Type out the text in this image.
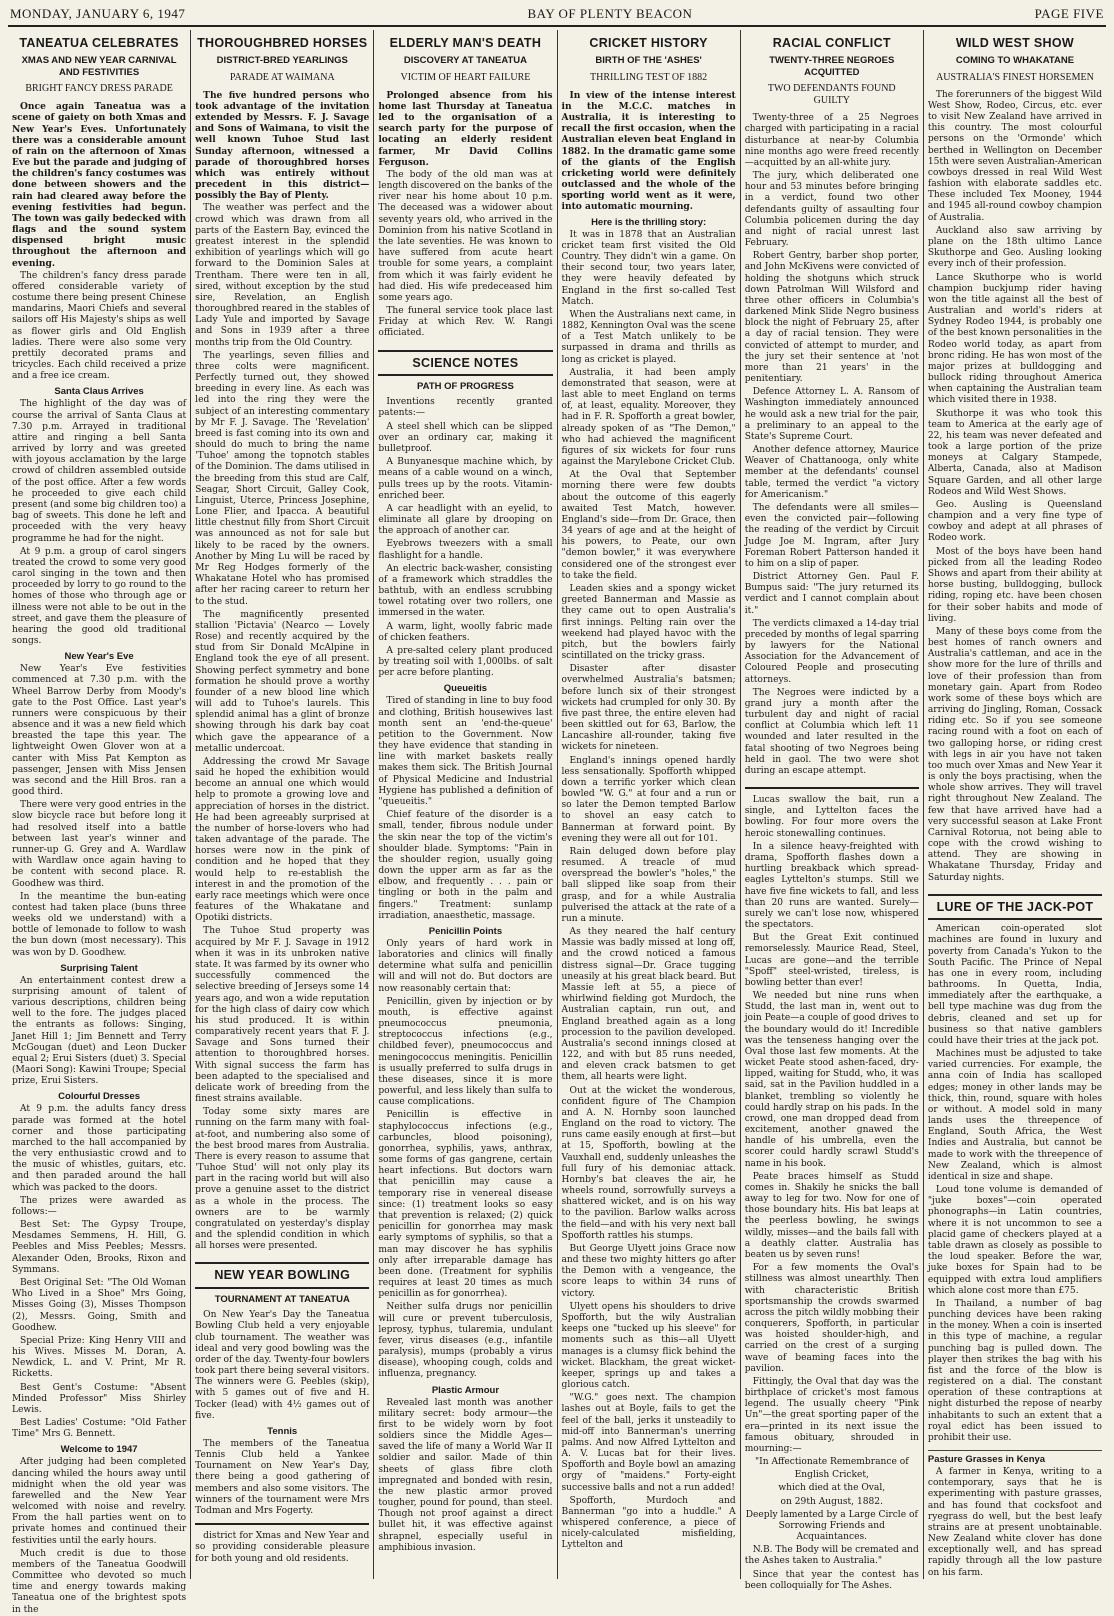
MONDAY, JANUARY 6, 1947	BAY OF PLENTY BEACON	PAGE FIVE
TANEATUA CELEBRATES
XMAS AND NEW YEAR CARNIVAL AND FESTIVITIES
BRIGHT FANCY DRESS PARADE

Once again Taneatua was a scene of gaiety on both Xmas and New Year's Eves. Unfortunately there was a considerable amount of rain on the afternoon of Xmas Eve but the parade and judging of the children's fancy costumes was done between showers and the rain had cleared away before the evening festivities had begun. The town was gaily bedecked with flags and the sound system dispensed bright music throughout the afternoon and evening.

The children's fancy dress parade offered considerable variety of costume there being present Chinese mandarins, Maori Chiefs and several sailors off His Majesty's ships as well as flower girls and Old English ladies. There were also some very prettily decorated prams and tricycles. Each child received a prize and a free ice cream.

Santa Claus Arrives

The highlight of the day was of course the arrival of Santa Claus at 7.30 p.m. Arrayed in traditional attire and ringing a bell Santa arrived by lorry and was greeted with joyous acclamation by the large crowd of children assembled outside of the post office. After a few words he proceeded to give each child present (and some big children too) a bag of sweets. This done he left and proceeded with the very heavy programme he had for the night.

At 9 p.m. a group of carol singers treated the crowd to some very good carol singing in the town and then proceeded by lorry to go round to the homes of those who through age or illness were not able to be out in the street, and gave them the pleasure of hearing the good old traditional songs.

New Year's Eve

New Year's Eve festivities commenced at 7.30 p.m. with the Wheel Barrow Derby from Moody's gate to the Post Office. Last year's runners were conspicuous by their absence and it was a new field which breasted the tape this year. The lightweight Owen Glover won at a canter with Miss Pat Kempton as passenger, Jensen with Miss Jensen was second and the Hill Bros. ran a good third.

There were very good entries in the slow bicycle race but before long it had resolved itself into a battle between last year's winner and runner-up G. Grey and A. Wardlaw with Wardlaw once again having to be content with second place. R. Goodhew was third.

In the meantime the bun-eating contest had taken place (buns three weeks old we understand) with a bottle of lemonade to follow to wash the bun down (most necessary). This was won by D. Goodhew.

Surprising Talent

An entertainment contest drew a surprising amount of talent of various descriptions, children being well to the fore. The judges placed the entrants as follows: Singing, Janet Hill 1; Jim Bennett and Terry McGougan (duet) and Leon Ducker equal 2; Erui Sisters (duet) 3. Special (Maori Song): Kawini Troupe; Special prize, Erui Sisters.

Colourful Dresses

At 9 p.m. the adults fancy dress parade was formed at the hotel corner and those participating marched to the hall accompanied by the very enthusiastic crowd and to the music of whistles, guitars, etc. and then paraded around the hall which was packed to the doors.

The prizes were awarded as follows:—

Best Set: The Gypsy Troupe, Mesdames Semmens, H. Hill, G. Peebles and Miss Peebles; Messrs. Alexander Oden, Brooks, Rixon and Symmans.

Best Original Set: "The Old Woman Who Lived in a Shoe" Mrs Going, Misses Going (3), Misses Thompson (2), Messrs. Going, Smith and Goodhew.

Special Prize: King Henry VIII and his Wives. Misses M. Doran, A. Newdick, L. and V. Print, Mr R. Ricketts.

Best Gent's Costume: "Absent Minded Professor" Miss Shirley Lewis.

Best Ladies' Costume: "Old Father Time" Mrs G. Bennett.

Welcome to 1947

After judging had been completed dancing whiled the hours away until midnight when the old year was farewelled and the New Year welcomed with noise and revelry. From the hall parties went on to private homes and continued their festivities until the early hours.

Much credit is due to those members of the Taneatua Goodwill Committee who devoted so much time and energy towards making Taneatua one of the brightest spots in the

THOROUGHBRED HORSES
DISTRICT-BRED YEARLINGS
PARADE AT WAIMANA

The five hundred persons who took advantage of the invitation extended by Messrs. F. J. Savage and Sons of Waimana, to visit the well known Tuhoe Stud last Sunday afternoon, witnessed a parade of thoroughbred horses which was entirely without precedent in this district—possibly the Bay of Plenty.

The weather was perfect and the crowd which was drawn from all parts of the Eastern Bay, evinced the greatest interest in the splendid exhibition of yearlings which will go forward to the Dominion Sales at Trentham. There were ten in all, sired, without exception by the stud sire, Revelation, an English thoroughbred reared in the stables of Lady Yule and imported by Savage and Sons in 1939 after a three months trip from the Old Country.

The yearlings, seven fillies and three colts were magnificent. Perfectly turned out, they showed breeding in every line. As each was led into the ring they were the subject of an interesting commentary by Mr F. J. Savage. The 'Revelation' breed is fast coming into its own and should do much to bring the name 'Tuhoe' among the topnotch stables of the Dominion. The dams utilised in the breeding from this stud are Calf, Seagar, Short Circuit, Galley Cook, Linguist, Uterce, Princess Josephine, Lone Flier, and Ipacca. A beautiful little chestnut filly from Short Circuit was announced as not for sale but likely to be raced by the owners. Another by Ming Lu will be raced by Mr Reg Hodges formerly of the Whakatane Hotel who has promised after her racing career to return her to the stud.

The magnificently presented stallion 'Pictavia' (Nearco — Lovely Rose) and recently acquired by the stud from Sir Donald McAlpine in England took the eye of all present. Showing perfect symmetry and bone formation he should prove a worthy founder of a new blood line which will add to Tuhoe's laurels. This splendid animal has a glint of bronze showing through his dark bay coat which gave the appearance of a metallic undercoat.

Addressing the crowd Mr Savage said he hoped the exhibition would become an annual one which would help to promote a growing love and appreciation of horses in the district. He had been agreeably surprised at the number of horse-lovers who had taken advantage of the parade. The horses were now in the pink of condition and he hoped that they would help to re-establish the interest in and the promotion of the early race meetings which were once features of the Whakatane and Opotiki districts.

The Tuhoe Stud property was acquired by Mr F. J. Savage in 1912 when it was in its unbroken native state. It was farmed by its owner who successfully commenced the selective breeding of Jerseys some 14 years ago, and won a wide reputation for the high class of dairy cow which his stud produced. It is within comparatively recent years that F. J. Savage and Sons turned their attention to thoroughbred horses. With signal success the farm has been adapted to the specialised and delicate work of breeding from the finest strains available.

Today some sixty mares are running on the farm many with foal-at-foot, and numbering also some of the best brood mares from Australia. There is every reason to assume that 'Tuhoe Stud' will not only play its part in the racing world but will also prove a genuine asset to the district as a whole in the process. The owners are to be warmly congratulated on yesterday's display and the splendid condition in which all horses were presented.

NEW YEAR BOWLING
TOURNAMENT AT TANEATUA

On New Year's Day the Taneatua Bowling Club held a very enjoyable club tournament. The weather was ideal and very good bowling was the order of the day. Twenty-four bowlers took part there being several visitors. The winners were G. Peebles (skip), with 5 games out of five and H. Tocker (lead) with 4½ games out of five.

Tennis

The members of the Taneatua Tennis Club held a Yankee Tournament on New Year's Day, there being a good gathering of members and also some visitors. The winners of the tournament were Mrs Todman and Mrs Fogerty.

district for Xmas and New Year and so providing considerable pleasure for both young and old residents.

ELDERLY MAN'S DEATH
DISCOVERY AT TANEATUA
VICTIM OF HEART FAILURE

Prolonged absence from his home last Thursday at Taneatua led to the organisation of a search party for the purpose of locating an elderly resident farmer, Mr David Collins Ferguson.

The body of the old man was at length discovered on the banks of the river near his home about 10 p.m. The deceased was a widower about seventy years old, who arrived in the Dominion from his native Scotland in the late seventies. He was known to have suffered from acute heart trouble for some years, a complaint from which it was fairly evident he had died. His wife predeceased him some years ago.

The funeral service took place last Friday at which Rev. W. Rangi officiated.

SCIENCE NOTES
PATH OF PROGRESS

Inventions recently granted patents:—

A steel shell which can be slipped over an ordinary car, making it bulletproof.

A Bunyanesque machine which, by means of a cable wound on a winch, pulls trees up by the roots. Vitamin-enriched beer.

A car headlight with an eyelid, to eliminate all glare by drooping on the approach of another car.

Eyebrows tweezers with a small flashlight for a handle.

An electric back-washer, consisting of a framework which straddles the bathtub, with an endless scrubbing towel rotating over two rollers, one immersed in the water.

A warm, light, woolly fabric made of chicken feathers.

A pre-salted celery plant produced by treating soil with 1,000lbs. of salt per acre before planting.

Queueitis

Tired of standing in line to buy food and clothing, British housewives last month sent an 'end-the-queue' petition to the Government. Now they have evidence that standing in line with market baskets really makes them sick. The British Journal of Physical Medicine and Industrial Hygiene has published a definition of "queueitis."

Chief feature of the disorder is a small, tender, fibrous nodule under the skin near the top of the victim's shoulder blade. Symptoms: "Pain in the shoulder region, usually going down the upper arm as far as the elbow, and frequently . . . pain or tingling or both in the palm and fingers." Treatment: sunlamp irradiation, anaesthetic, massage.

Penicillin Points

Only years of hard work in laboratories and clinics will finally determine what sulfa and penicillin will and will not do. But doctors are now reasonably certain that:

Penicillin, given by injection or by mouth, is effective against pneumococcus pneumonia, streptococcus infections (e.g., childbed fever), pneumococcus and meningococcus meningitis. Penicillin is usually preferred to sulfa drugs in these diseases, since it is more powerful, and less likely than sulfa to cause complications.

Penicillin is effective in staphylococcus infections (e.g., carbuncles, blood poisoning), gonorrhea, syphilis, yaws, anthrax, some forms of gas gangrene, certain heart infections. But doctors warn that penicillin may cause a temporary rise in venereal disease since: (1) treatment looks so easy that prevention is relaxed; (2) quick penicillin for gonorrhea may mask early symptoms of syphilis, so that a man may discover he has syphilis only after irreparable damage has been done. (Treatment for syphilis requires at least 20 times as much penicillin as for gonorrhea).

Neither sulfa drugs nor penicillin will cure or prevent tuberculosis, leprosy, typhus, tularemia, undulant fever, virus diseases (e.g., infantile paralysis), mumps (probably a virus disease), whooping cough, colds and influenza, pregnancy.

Plastic Armour

Revealed last month was another military secret: body armour—the first to be widely worn by foot soldiers since the Middle Ages—saved the life of many a World War II soldier and sailor. Made of thin sheets of glass fibre cloth impregnated and bonded with resin, the new plastic armor proved tougher, pound for pound, than steel. Though not proof against a direct bullet hit, it was effective against shrapnel, especially useful in amphibious invasion.

CRICKET HISTORY
BIRTH OF THE 'ASHES'
THRILLING TEST OF 1882

In view of the intense interest in the M.C.C. matches in Australia, it is interesting to recall the first occasion, when the Australian eleven beat England in 1882. In the dramatic game some of the giants of the English cricketing world were definitely outclassed and the whole of the sporting world went as it were, into automatic mourning.

Here is the thrilling story:

It was in 1878 that an Australian cricket team first visited the Old Country. They didn't win a game. On their second tour, two years later, they were heavily defeated by England in the first so-called Test Match.

When the Australians next came, in 1882, Kennington Oval was the scene of a Test Match unlikely to be surpassed in drama and thrills as long as cricket is played.

Australia, it had been amply demonstrated that season, were at last able to meet England on terms of, at least, equality. Moreover, they had in F. R. Spofforth a great bowler, already spoken of as "The Demon," who had achieved the magnificent figures of six wickets for four runs against the Marylebone Cricket Club.

At the Oval that September morning there were few doubts about the outcome of this eagerly awaited Test Match, however. England's side—from Dr. Grace, then 34 years of age and at the height of his powers, to Peate, our own "demon bowler," it was everywhere considered one of the strongest ever to take the field.

Leaden skies and a spongy wicket greeted Bannerman and Massie as they came out to open Australia's first innings. Pelting rain over the weekend had played havoc with the pitch, but the bowlers fairly scintillated on the tricky grass.

Disaster after disaster overwhelmed Australia's batsmen; before lunch six of their strongest wickets had crumpled for only 30. By five past three, the entire eleven had been skittled out for 63, Barlow, the Lancashire all-rounder, taking five wickets for nineteen.

England's innings opened hardly less sensationally. Spofforth whipped down a terrific yorker which clean bowled "W. G." at four and a run or so later the Demon tempted Barlow to shovel an easy catch to Bannerman at forward point. By evening they were all out for 101.

Rain deluged down before play resumed. A treacle of mud overspread the bowler's "holes," the ball slipped like soap from their grasp, and for a while Australia pulverised the attack at the rate of a run a minute.

As they neared the half century Massie was badly missed at long off, and the crowd noticed a famous distress signal—Dr. Grace tugging uneasily at his great black beard. But Massie left at 55, a piece of whirlwind fielding got Murdoch, the Australian captain, run out, and England breathed again as a long procession to the pavilion developed. Australia's second innings closed at 122, and with but 85 runs needed, and eleven crack batsmen to get them, all hearts were light.

Out at the wicket the wonderous, confident figure of The Champion and A. N. Hornby soon launched England on the road to victory. The runs came easily enough at first—but at 15, Spofforth, bowling at the Vauxhall end, suddenly unleashes the full fury of his demoniac attack. Hornby's bat cleaves the air, he wheels round, sorrowfully surveys a shattered wicket, and is on his way to the pavilion. Barlow walks across the field—and with his very next ball Spofforth rattles his stumps.

But George Ulyett joins Grace now and these two mighty hitters go after the Demon with a vengeance, the score leaps to within 34 runs of victory.

Ulyett opens his shoulders to drive Spofforth, but the wily Australian keeps one "tucked up his sleeve" for moments such as this—all Ulyett manages is a clumsy flick behind the wicket. Blackham, the great wicket-keeper, springs up and takes a glorious catch.

"W.G." goes next. The champion lashes out at Boyle, fails to get the feel of the ball, jerks it unsteadily to mid-off into Bannerman's unerring palms. And now Alfred Lyttelton and A. V. Lucas bat for their lives. Spofforth and Boyle bowl an amazing orgy of "maidens." Forty-eight successive balls and not a run added!

Spofforth, Murdoch and Bannerman "go into a huddle." A whispered conference, a piece of nicely-calculated misfielding, Lyttelton and

RACIAL CONFLICT
TWENTY-THREE NEGROES ACQUITTED
TWO DEFENDANTS FOUND GUILTY

Twenty-three of a 25 Negroes charged with participating in a racial disturbance at near-by Columbia nine months ago were freed recently—acquitted by an all-white jury.

The jury, which deliberated one hour and 53 minutes before bringing in a verdict, found two other defendants guilty of assaulting four Columbia policemen during the day and night of racial unrest last February.

Robert Gentry, barber shop porter, and John McKivens were convicted of holding the shotguns which struck down Patrolman Will Wilsford and three other officers in Columbia's darkened Mink Slide Negro business block the night of February 25, after a day of racial tension. They were convicted of attempt to murder, and the jury set their sentence at 'not more than 21 years' in the penitentiary.

Defence Attorney L. A. Ransom of Washington immediately announced he would ask a new trial for the pair, a preliminary to an appeal to the State's Supreme Court.

Another defence attorney, Maurice Weaver of Chattanooga, only white member at the defendants' counsel table, termed the verdict "a victory for Americanism."

The defendants were all smiles—even the convicted pair—following the reading of the verdict by Circuit Judge Joe M. Ingram, after Jury Foreman Robert Patterson handed it to him on a slip of paper.

District Attorney Gen. Paul F. Bumpus said: "The jury returned its verdict and I cannot complain about it."

The verdicts climaxed a 14-day trial preceded by months of legal sparring by lawyers for the National Association for the Advancement of Coloured People and prosecuting attorneys.

The Negroes were indicted by a grand jury a month after the turbulent day and night of racial conflict at Columbia which left 11 wounded and later resulted in the fatal shooting of two Negroes being held in gaol. The two were shot during an escape attempt.

Lucas swallow the bait, run a single, and Lyttelton faces the bowling. For four more overs the heroic stonewalling continues.

In a silence heavy-freighted with drama, Spofforth flashes down a hurtling breakback which spread-eagles Lyttelton's stumps. Still we have five fine wickets to fall, and less than 20 runs are wanted. Surely—surely we can't lose now, whispered the spectators.

But the Great Exit continued remorselessly. Maurice Read, Steel, Lucas are gone—and the terrible "Spoff" steel-wristed, tireless, is bowling better than ever!

We needed but nine runs when Studd, the last man in, went out to join Peate—a couple of good drives to the boundary would do it! Incredible was the tenseness hanging over the Oval those last few moments. At the wicket Peate stood ashen-faced, dry-lipped, waiting for Studd, who, it was said, sat in the Pavilion huddled in a blanket, trembling so violently he could hardly strap on his pads. In the crowd, one man dropped dead from excitement, another gnawed the handle of his umbrella, even the scorer could hardly scrawl Studd's name in his book.

Peate braces himself as Studd comes in. Shakily he snicks the ball away to leg for two. Now for one of those boundary hits. His bat leaps at the peerless bowling, he swings wildly, misses—and the bails fall with a deathly clatter. Australia has beaten us by seven runs!

For a few moments the Oval's stillness was almost unearthly. Then with characteristic British sportsmanship the crowds swarmed across the pitch wildly mobbing their conquerers, Spofforth, in particular was hoisted shoulder-high, and carried on the crest of a surging wave of beaming faces into the pavilion.

Fittingly, the Oval that day was the birthplace of cricket's most famous legend. The usually cheery "Pink Un"—the great sporting paper of the era—printed in its next issue the famous obituary, shrouded in mourning:—

"In Affectionate Remembrance of

English Cricket,

which died at the Oval,

on 29th August, 1882.

Deeply lamented by a Large Circle of Sorrowing Friends and Acquaintances.

N.B. The Body will be cremated and the Ashes taken to Australia."

Since that year the contest has been colloquially for The Ashes.

WILD WEST SHOW
COMING TO WHAKATANE
AUSTRALIA'S FINEST HORSEMEN

The forerunners of the biggest Wild West Show, Rodeo, Circus, etc. ever to visit New Zealand have arrived in this country. The most colourful persons on the 'Ormonde' which berthed in Wellington on December 15th were seven Australian-American cowboys dressed in real Wild West fashion with elaborate saddles etc. These included Tex Mooney, 1944 and 1945 all-round cowboy champion of Australia.

Auckland also saw arriving by plane on the 18th ultimo Lance Skuthorpe and Geo. Ausling looking every inch of their profession.

Lance Skuthorpe who is world champion buckjump rider having won the title against all the best of Australian and world's riders at Sydney Rodeo 1944, is probably one of the best known personalities in the Rodeo world today, as apart from bronc riding. He has won most of the major prizes at bulldogging and bullock riding throughout America when captaining the Australian team which visited there in 1938.

Skuthorpe it was who took this team to America at the early age of 22, his team was never defeated and took a large portion of the prize moneys at Calgary Stampede, Alberta, Canada, also at Madison Square Garden, and all other large Rodeos and Wild West Shows.

Geo. Ausling is Queensland champion and a very fine type of cowboy and adept at all phrases of Rodeo work.

Most of the boys have been hand picked from all the leading Rodeo Shows and apart from their ability at horse busting, bulldogging, bullock riding, roping etc. have been chosen for their sober habits and mode of living.

Many of these boys come from the best homes of ranch owners and Australia's cattleman, and ace in the show more for the lure of thrills and love of their profession than from monetary gain. Apart from Rodeo work some of these boys which are arriving do Jingling, Roman, Cossack riding etc. So if you see someone racing round with a foot on each of two galloping horse, or riding crest with legs in air you have not taken too much over Xmas and New Year it is only the boys practising, when the whole show arrives. They will travel right throughout New Zealand. The few that have arrived have had a very successful season at Lake Front Carnival Rotorua, not being able to cope with the crowd wishing to attend. They are showing in Whakatane Thursday, Friday and Saturday nights.

LURE OF THE JACK-POT

American coin-operated slot machines are found in luxury and poverty from Canada's Yukon to the South Pacific. The Prince of Nepal has one in every room, including bathrooms. In Quetta, India, immediately after the earthquake, a bell type machine was dug from the debris, cleaned and set up for business so that native gamblers could have their tries at the jack pot.

Machines must be adjusted to take varied currencies. For example, the anna coin of India has scalloped edges; money in other lands may be thick, thin, round, square with holes or without. A model sold in many lands uses the threepence of England, South Africa, the West Indies and Australia, but cannot be made to work with the threepence of New Zealand, which is almost identical in size and shape.

Loud tone volume is demanded of "juke boxes"—coin operated phonographs—in Latin countries, where it is not uncommon to see a placid game of checkers played at a table drawn as closely as possible to the loud speaker. Before the war, juke boxes for Spain had to be equipped with extra loud amplifiers which alone cost more than £75.

In Thailand, a number of bag punching devices have been raking in the money. When a coin is inserted in this type of machine, a regular punching bag is pulled down. The player then strikes the bag with his fist and the force of the blow is registered on a dial. The constant operation of these contraptions at night disturbed the repose of nearby inhabitants to such an extent that a royal edict has been issued to prohibit their use.

Pasture Grasses in Kenya

A farmer in Kenya, writing to a contemporary, says that he is experimenting with pasture grasses, and has found that cocksfoot and ryegrass do well, but the best leafy strains are at present unobtainable. New Zealand white clover has done exceptionally well, and has spread rapidly through all the low pasture on his farm.
